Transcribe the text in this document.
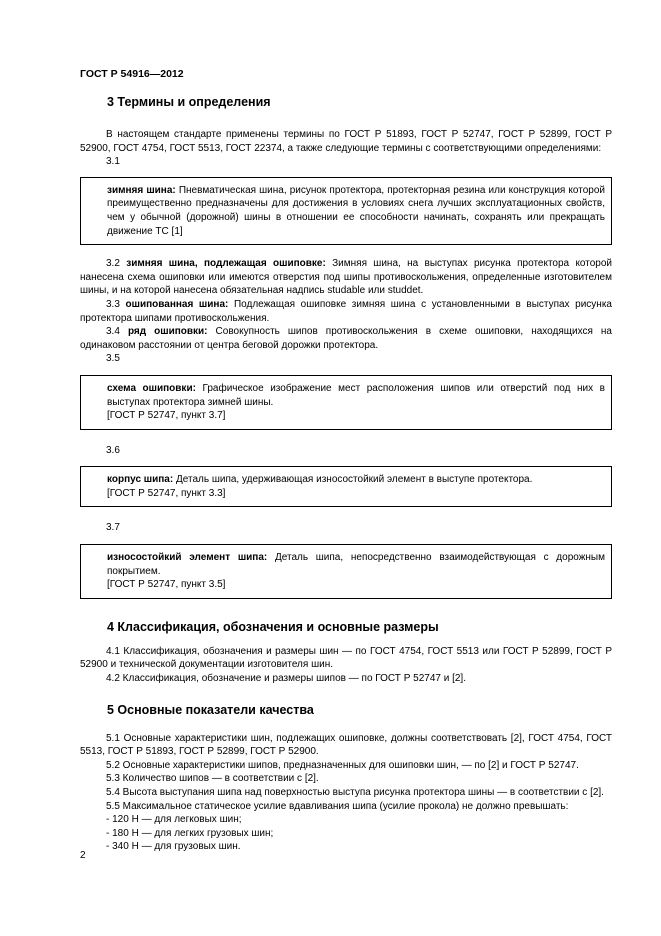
ГОСТ Р 54916—2012
3 Термины и определения

В настоящем стандарте применены термины по ГОСТ Р 51893, ГОСТ Р 52747, ГОСТ Р 52899, ГОСТ Р 52900, ГОСТ 4754, ГОСТ 5513, ГОСТ 22374, а также следующие термины с соответствующими определениями:

3.1

зимняя шина: Пневматическая шина, рисунок протектора, протекторная резина или конструкция которой преимущественно предназначены для достижения в условиях снега лучших эксплуатационных свойств, чем у обычной (дорожной) шины в отношении ее способности начинать, сохранять или прекращать движение ТС [1]

3.2 зимняя шина, подлежащая ошиповке: Зимняя шина, на выступах рисунка протектора которой нанесена схема ошиповки или имеются отверстия под шипы противоскольжения, определенные изготовителем шины, и на которой нанесена обязательная надпись studable или studdet.

3.3 ошипованная шина: Подлежащая ошиповке зимняя шина с установленными в выступах рисунка протектора шипами противоскольжения.

3.4 ряд ошиповки: Совокупность шипов противоскольжения в схеме ошиповки, находящихся на одинаковом расстоянии от центра беговой дорожки протектора.

3.5

схема ошиповки: Графическое изображение мест расположения шипов или отверстий под них в выступах протектора зимней шины.

[ГОСТ Р 52747, пункт 3.7]

3.6

корпус шипа: Деталь шипа, удерживающая износостойкий элемент в выступе протектора.

[ГОСТ Р 52747, пункт 3.3]

3.7

износостойкий элемент шипа: Деталь шипа, непосредственно взаимодействующая с дорожным покрытием.

[ГОСТ Р 52747, пункт 3.5]

4 Классификация, обозначения и основные размеры

4.1 Классификация, обозначения и размеры шин — по ГОСТ 4754, ГОСТ 5513 или ГОСТ Р 52899, ГОСТ Р 52900 и технической документации изготовителя шин.

4.2 Классификация, обозначение и размеры шипов — по ГОСТ Р 52747 и [2].

5 Основные показатели качества

5.1 Основные характеристики шин, подлежащих ошиповке, должны соответствовать [2], ГОСТ 4754, ГОСТ 5513, ГОСТ Р 51893, ГОСТ Р 52899, ГОСТ Р 52900.

5.2 Основные характеристики шипов, предназначенных для ошиповки шин, — по [2] и ГОСТ Р 52747.

5.3 Количество шипов — в соответствии с [2].

5.4 Высота выступания шипа над поверхностью выступа рисунка протектора шины — в соответствии с [2].

5.5 Максимальное статическое усилие вдавливания шипа (усилие прокола) не должно превышать:

- 120 Н — для легковых шин;

- 180 Н — для легких грузовых шин;

- 340 Н — для грузовых шин.

2
